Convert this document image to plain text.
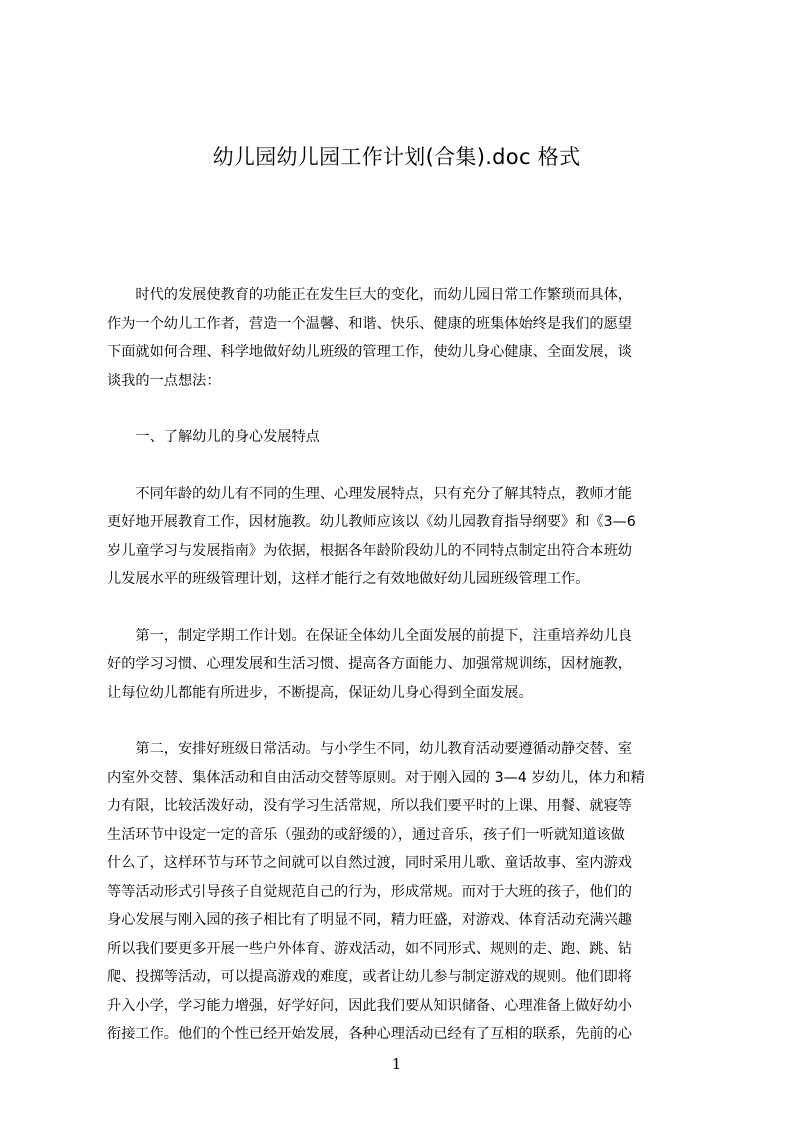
幼儿园幼儿园工作计划(合集).doc 格式
　　时代的发展使教育的功能正在发生巨大的变化，而幼儿园日常工作繁琐而具体，
作为一个幼儿工作者，营造一个温馨、和谐、快乐、健康的班集体始终是我们的愿望
下面就如何合理、科学地做好幼儿班级的管理工作，使幼儿身心健康、全面发展，谈
谈我的一点想法：
　　一、了解幼儿的身心发展特点
　　不同年龄的幼儿有不同的生理、心理发展特点，只有充分了解其特点，教师才能
更好地开展教育工作，因材施教。幼儿教师应该以《幼儿园教育指导纲要》和《3—6
岁儿童学习与发展指南》为依据，根据各年龄阶段幼儿的不同特点制定出符合本班幼
儿发展水平的班级管理计划，这样才能行之有效地做好幼儿园班级管理工作。
　　第一，制定学期工作计划。在保证全体幼儿全面发展的前提下，注重培养幼儿良
好的学习习惯、心理发展和生活习惯、提高各方面能力、加强常规训练，因材施教，
让每位幼儿都能有所进步，不断提高，保证幼儿身心得到全面发展。
　　第二，安排好班级日常活动。与小学生不同，幼儿教育活动要遵循动静交替、室
内室外交替、集体活动和自由活动交替等原则。对于刚入园的 3—4 岁幼儿，体力和精
力有限，比较活泼好动，没有学习生活常规，所以我们要平时的上课、用餐、就寝等
生活环节中设定一定的音乐（强劲的或舒缓的），通过音乐，孩子们一听就知道该做
什么了，这样环节与环节之间就可以自然过渡，同时采用儿歌、童话故事、室内游戏
等等活动形式引导孩子自觉规范自己的行为，形成常规。而对于大班的孩子，他们的
身心发展与刚入园的孩子相比有了明显不同，精力旺盛，对游戏、体育活动充满兴趣
所以我们要更多开展一些户外体育、游戏活动，如不同形式、规则的走、跑、跳、钻
爬、投掷等活动，可以提高游戏的难度，或者让幼儿参与制定游戏的规则。他们即将
升入小学，学习能力增强，好学好问，因此我们要从知识储备、心理准备上做好幼小
衔接工作。他们的个性已经开始发展，各种心理活动已经有了互相的联系，先前的心
1
